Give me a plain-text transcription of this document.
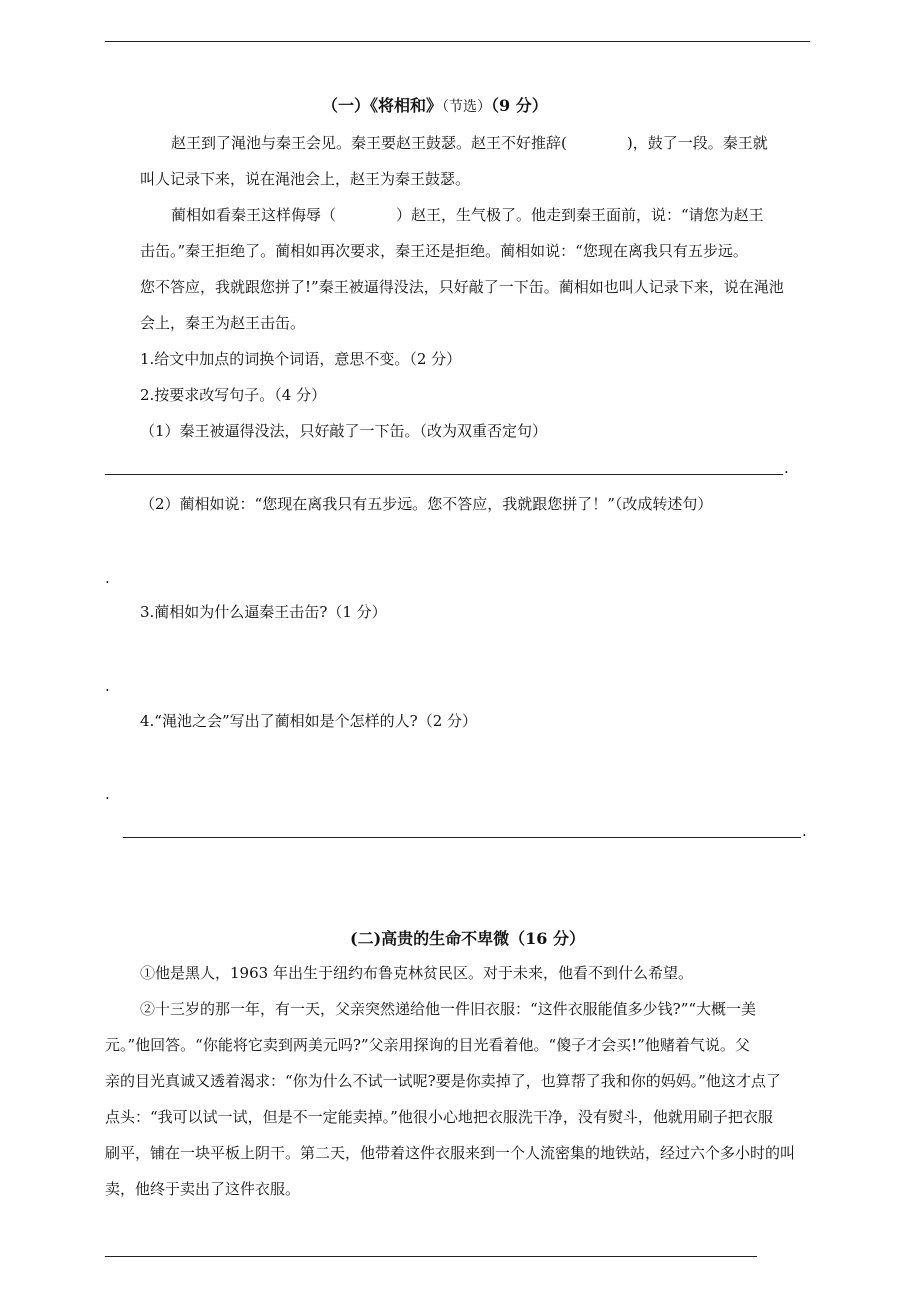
（一）《将相和》（节选）（9 分）
赵王到了渑池与秦王会见。秦王要赵王鼓瑟。赵王不好推辞(　　　　)，鼓了一段。秦王就
叫人记录下来，说在渑池会上，赵王为秦王鼓瑟。
蔺相如看秦王这样侮辱（　　　　）赵王，生气极了。他走到秦王面前，说：“请您为赵王
击缶。”秦王拒绝了。蔺相如再次要求，秦王还是拒绝。蔺相如说：“您现在离我只有五步远。
您不答应，我就跟您拼了!”秦王被逼得没法，只好敲了一下缶。蔺相如也叫人记录下来，说在渑池
会上，秦王为赵王击缶。
1.给文中加点的词换个词语，意思不变。（2 分）
2.按要求改写句子。（4 分）
（1）秦王被逼得没法，只好敲了一下缶。（改为双重否定句）
.
（2）蔺相如说：“您现在离我只有五步远。您不答应，我就跟您拼了！”（改成转述句）
.
3.蔺相如为什么逼秦王击缶?（1 分）
.
4.“渑池之会”写出了蔺相如是个怎样的人?（2 分）
.
.
(二)高贵的生命不卑微（16 分）
①他是黑人，1963 年出生于纽约布鲁克林贫民区。对于未来，他看不到什么希望。
②十三岁的那一年，有一天，父亲突然递给他一件旧衣服：“这件衣服能值多少钱?”“大概一美
元。”他回答。“你能将它卖到两美元吗?”父亲用探询的目光看着他。“傻子才会买!”他赌着气说。父
亲的目光真诚又透着渴求：“你为什么不试一试呢?要是你卖掉了，也算帮了我和你的妈妈。”他这才点了
点头：“我可以试一试，但是不一定能卖掉。”他很小心地把衣服洗干净，没有熨斗，他就用刷子把衣服
刷平，铺在一块平板上阴干。第二天，他带着这件衣服来到一个人流密集的地铁站，经过六个多小时的叫
卖，他终于卖出了这件衣服。
